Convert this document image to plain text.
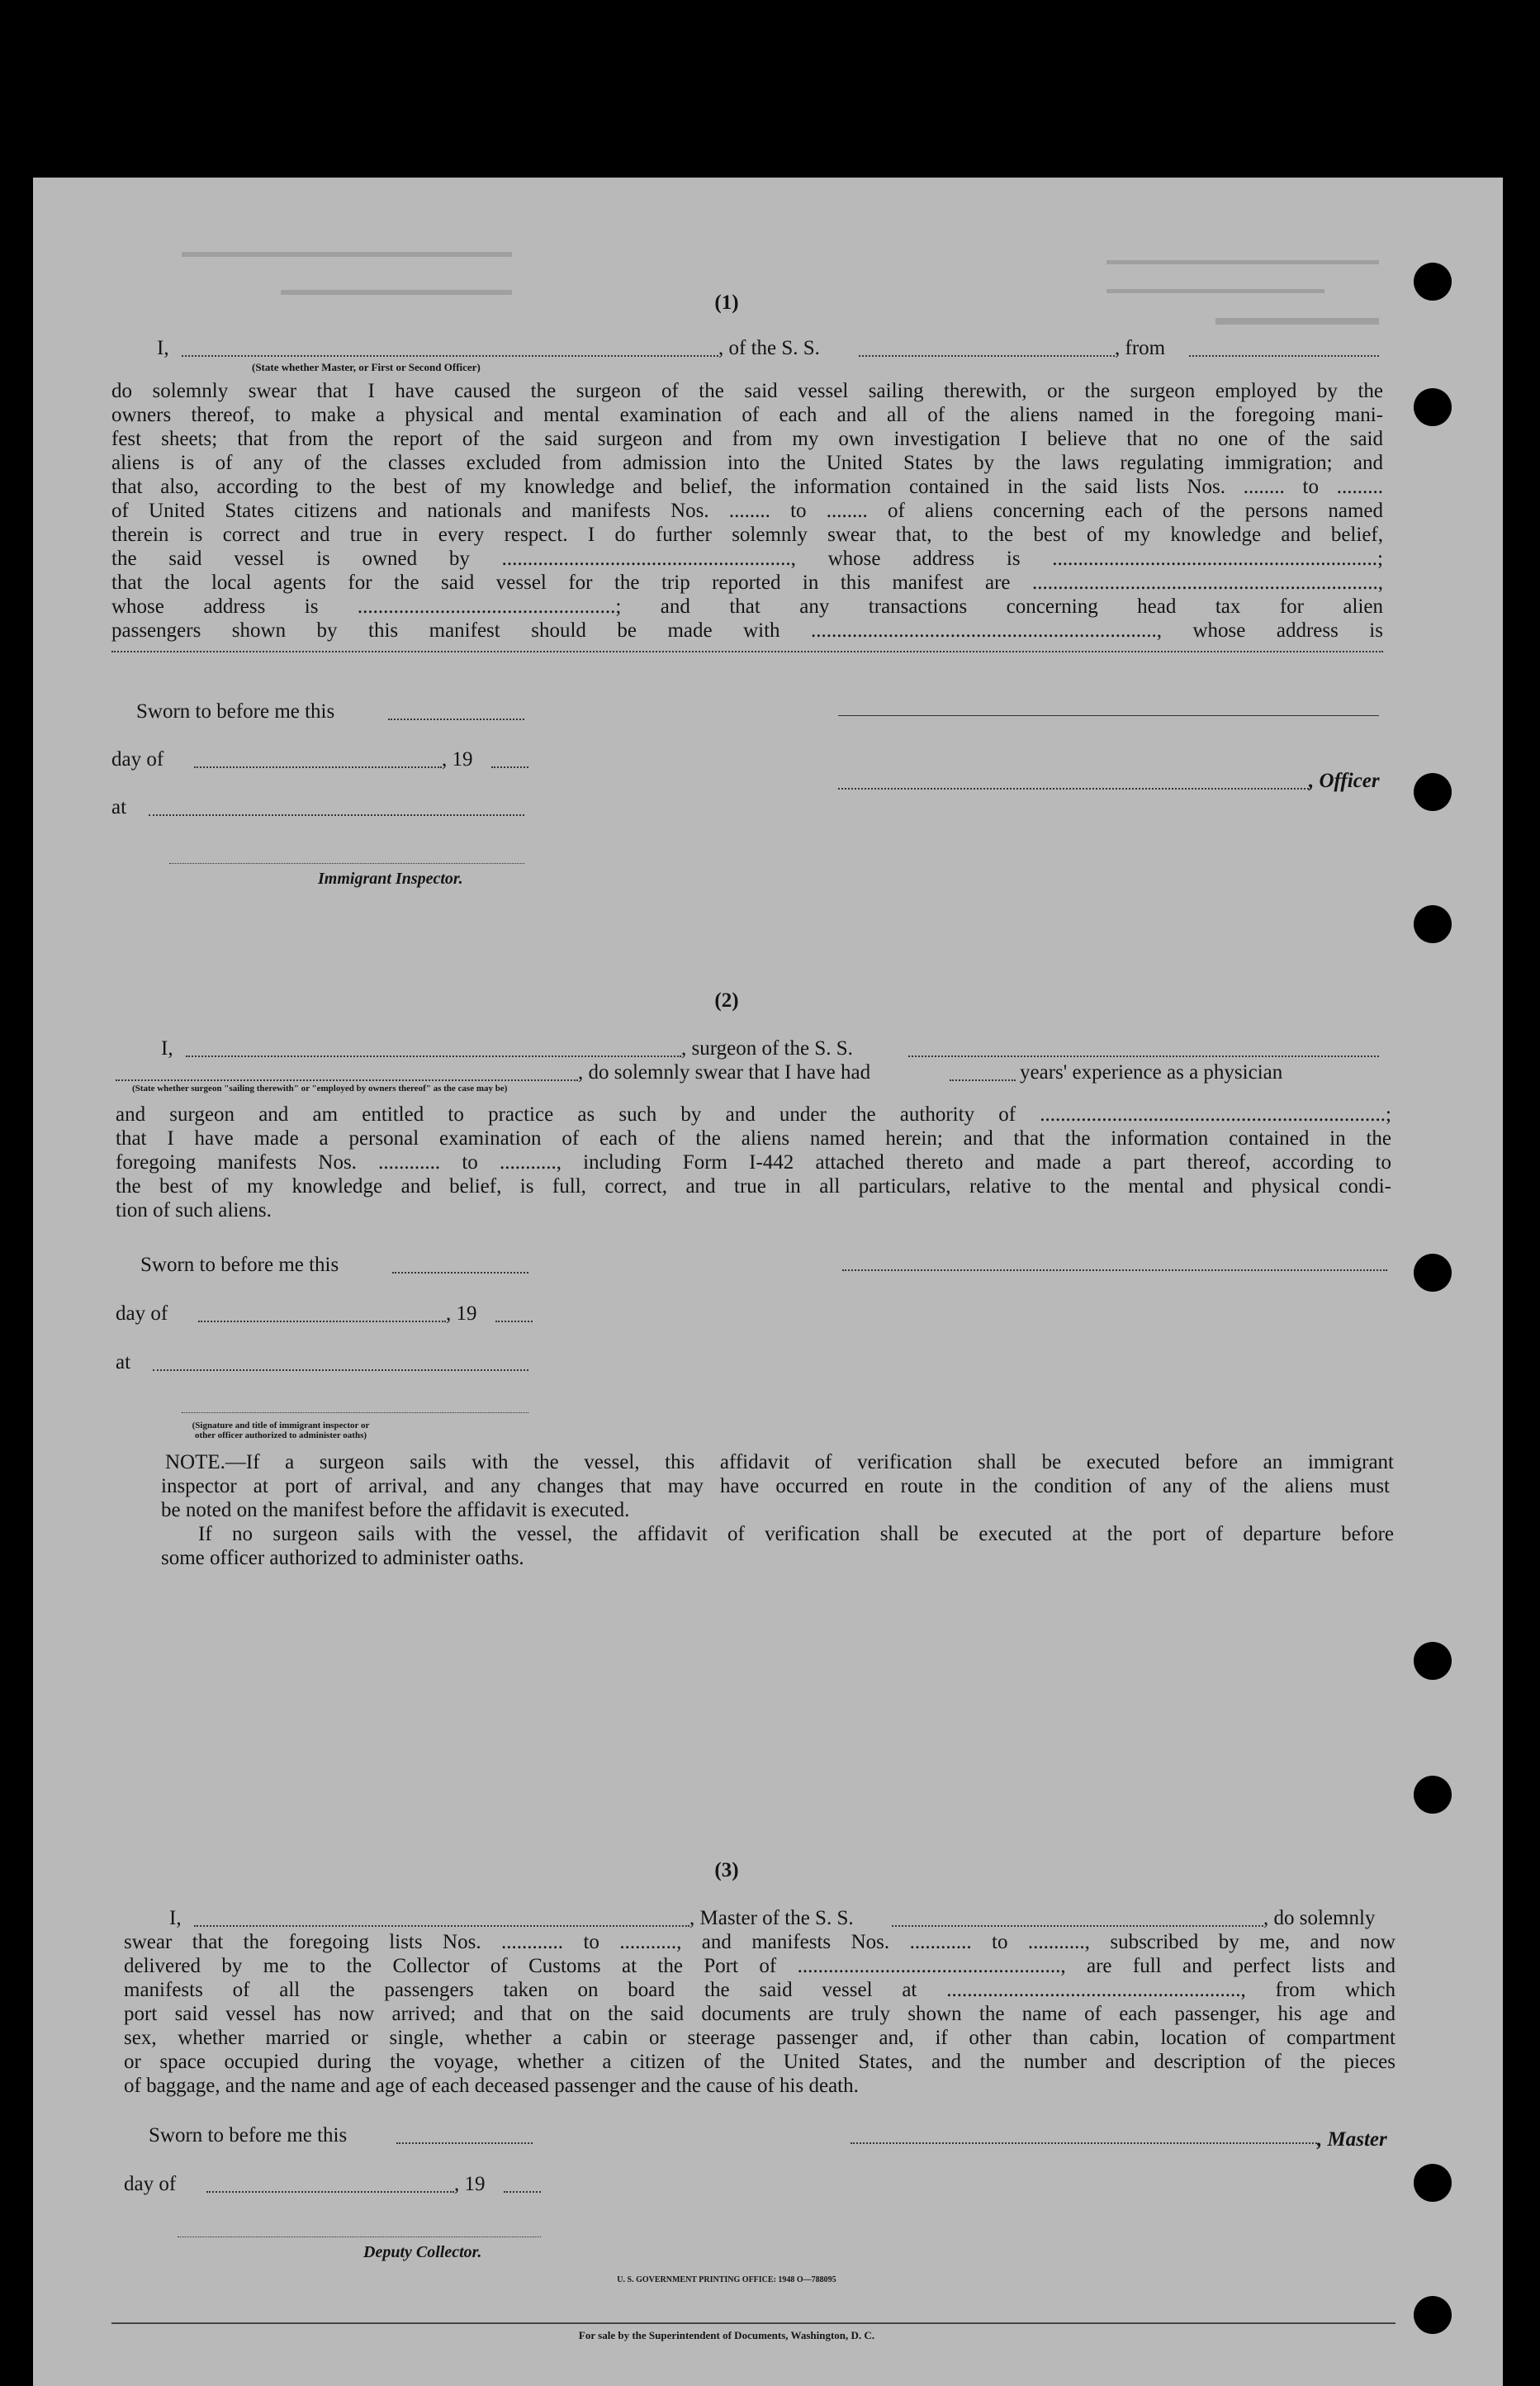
(1)
I,	, of the S. S.	, from
(State whether Master, or First or Second Officer)
do solemnly swear that I have caused the surgeon of the said vessel sailing therewith, or the surgeon employed by the
owners thereof, to make a physical and mental examination of each and all of the aliens named in the foregoing mani-
fest sheets; that from the report of the said surgeon and from my own investigation I believe that no one of the said
aliens is of any of the classes excluded from admission into the United States by the laws regulating immigration; and
that also, according to the best of my knowledge and belief, the information contained in the said lists Nos. ........ to .........
of United States citizens and nationals and manifests Nos. ........ to ........ of aliens concerning each of the persons named
therein is correct and true in every respect. I do further solemnly swear that, to the best of my knowledge and belief,
the said vessel is owned by ........................................................, whose address is ...............................................................;
that the local agents for the said vessel for the trip reported in this manifest are ...................................................................,
whose address is ..................................................; and that any transactions concerning head tax for alien
passengers shown by this manifest should be made with ..................................................................., whose address is
Sworn to before me this
day of	, 19
, Officer
at
Immigrant Inspector.
(2)
I,	, surgeon of the S. S.
, do solemnly swear that I have had	years' experience as a physician
(State whether surgeon "sailing therewith" or "employed by owners thereof" as the case may be)
and surgeon and am entitled to practice as such by and under the authority of ...................................................................;
that I have made a personal examination of each of the aliens named herein; and that the information contained in the
foregoing manifests Nos. ............ to ..........., including Form I-442 attached thereto and made a part thereof, according to
the best of my knowledge and belief, is full, correct, and true in all particulars, relative to the mental and physical condi-
tion of such aliens.
Sworn to before me this
day of	, 19
at
(Signature and title of immigrant inspector or other officer authorized to administer oaths)
NOTE.—If a surgeon sails with the vessel, this affidavit of verification shall be executed before an immigrant
inspector at port of arrival, and any changes that may have occurred en route in the condition of any of the aliens must
be noted on the manifest before the affidavit is executed.
If no surgeon sails with the vessel, the affidavit of verification shall be executed at the port of departure before
some officer authorized to administer oaths.
(3)
I,	, Master of the S. S.	, do solemnly
swear that the foregoing lists Nos. ............ to ..........., and manifests Nos. ............ to ..........., subscribed by me, and now
delivered by me to the Collector of Customs at the Port of ..................................................., are full and perfect lists and
manifests of all the passengers taken on board the said vessel at ........................................................., from which
port said vessel has now arrived; and that on the said documents are truly shown the name of each passenger, his age and
sex, whether married or single, whether a cabin or steerage passenger and, if other than cabin, location of compartment
or space occupied during the voyage, whether a citizen of the United States, and the number and description of the pieces
of baggage, and the name and age of each deceased passenger and the cause of his death.
Sworn to before me this	, Master
day of	, 19
Deputy Collector.
U. S. GOVERNMENT PRINTING OFFICE: 1948 O—788095
For sale by the Superintendent of Documents, Washington, D. C.
